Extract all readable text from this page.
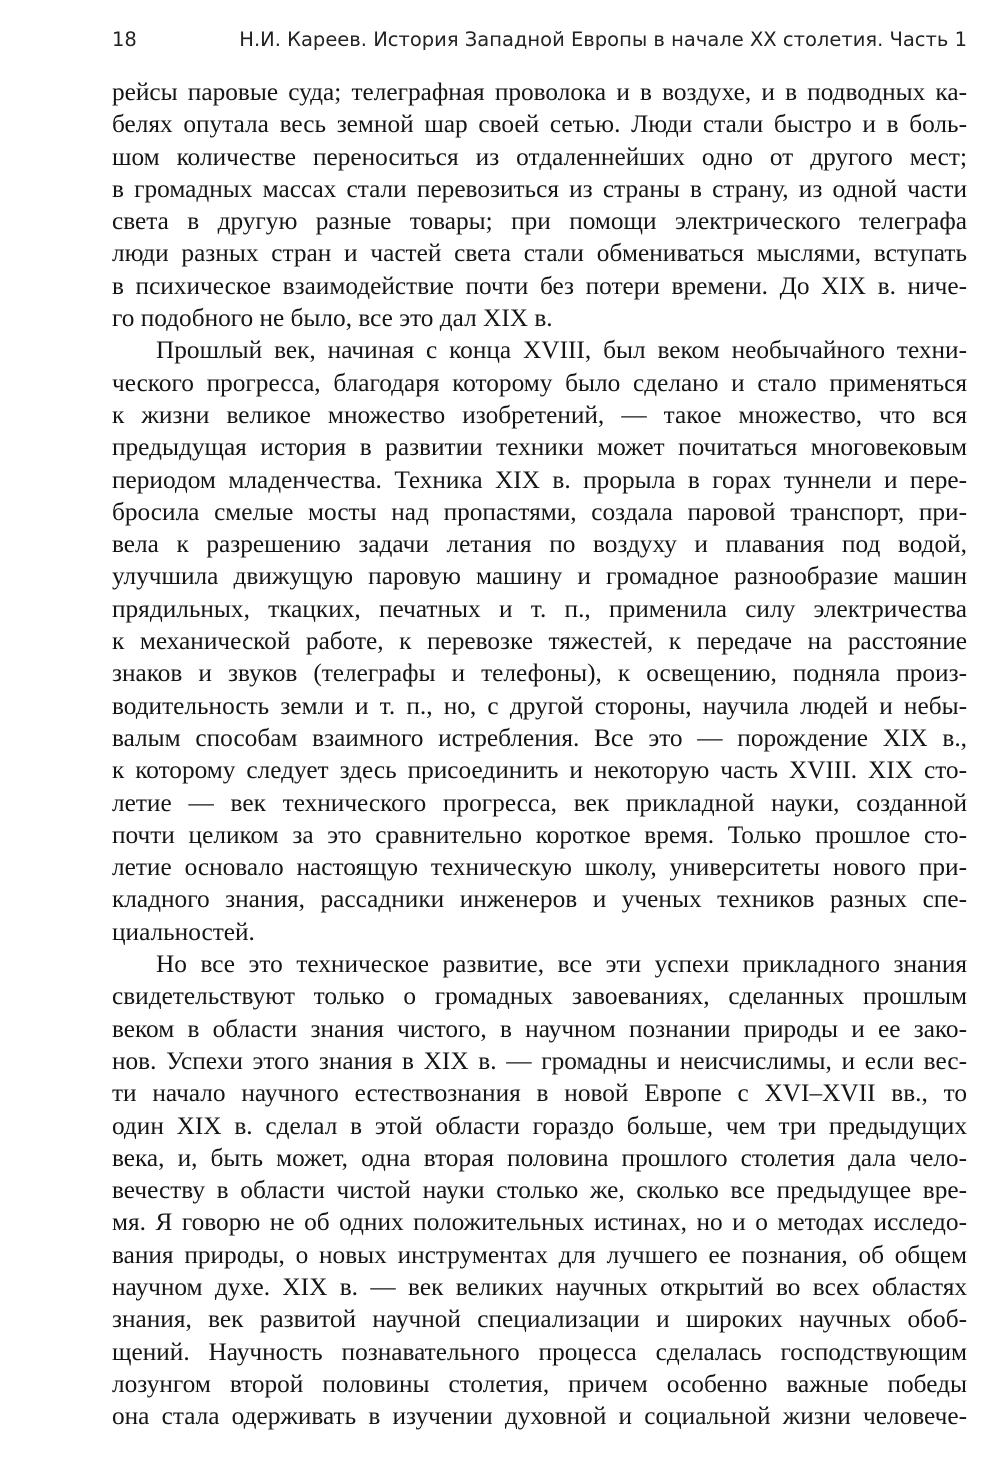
18	Н.И. Кареев. История Западной Европы в начале XX столетия. Часть 1
рейсы паровые суда; телеграфная проволока и в воздухе, и в подводных ка-
белях опутала весь земной шар своей сетью. Люди стали быстро и в боль-
шом количестве переноситься из отдаленнейших одно от другого мест;
в громадных массах стали перевозиться из страны в страну, из одной части
света в другую разные товары; при помощи электрического телеграфа
люди разных стран и частей света стали обмениваться мыслями, вступать
в психическое взаимодействие почти без потери времени. До XIX в. ниче-
го подобного не было, все это дал XIX в.
Прошлый век, начиная с конца XVIII, был веком необычайного техни-
ческого прогресса, благодаря которому было сделано и стало применяться
к жизни великое множество изобретений, — такое множество, что вся
предыдущая история в развитии техники может почитаться многовековым
периодом младенчества. Техника XIX в. прорыла в горах туннели и пере-
бросила смелые мосты над пропастями, создала паровой транспорт, при-
вела к разрешению задачи летания по воздуху и плавания под водой,
улучшила движущую паровую машину и громадное разнообразие машин
прядильных, ткацких, печатных и т. п., применила силу электричества
к механической работе, к перевозке тяжестей, к передаче на расстояние
знаков и звуков (телеграфы и телефоны), к освещению, подняла произ-
водительность земли и т. п., но, с другой стороны, научила людей и небы-
валым способам взаимного истребления. Все это — порождение XIX в.,
к которому следует здесь присоединить и некоторую часть XVIII. XIX сто-
летие — век технического прогресса, век прикладной науки, созданной
почти целиком за это сравнительно короткое время. Только прошлое сто-
летие основало настоящую техническую школу, университеты нового при-
кладного знания, рассадники инженеров и ученых техников разных спе-
циальностей.
Но все это техническое развитие, все эти успехи прикладного знания
свидетельствуют только о громадных завоеваниях, сделанных прошлым
веком в области знания чистого, в научном познании природы и ее зако-
нов. Успехи этого знания в XIX в. — громадны и неисчислимы, и если вес-
ти начало научного естествознания в новой Европе с XVI–XVII вв., то
один XIX в. сделал в этой области гораздо больше, чем три предыдущих
века, и, быть может, одна вторая половина прошлого столетия дала чело-
вечеству в области чистой науки столько же, сколько все предыдущее вре-
мя. Я говорю не об одних положительных истинах, но и о методах исследо-
вания природы, о новых инструментах для лучшего ее познания, об общем
научном духе. XIX в. — век великих научных открытий во всех областях
знания, век развитой научной специализации и широких научных обоб-
щений. Научность познавательного процесса сделалась господствующим
лозунгом второй половины столетия, причем особенно важные победы
она стала одерживать в изучении духовной и социальной жизни человече-
